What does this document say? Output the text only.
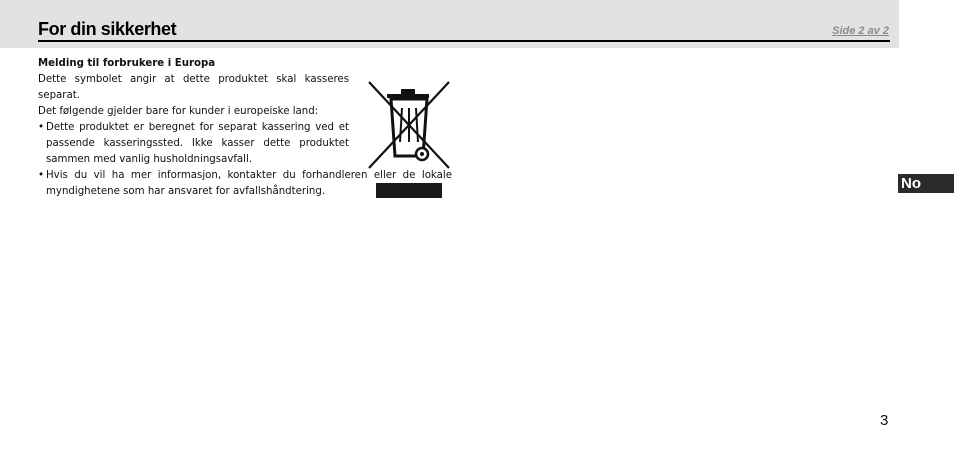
For din sikkerhet	Side 2 av 2

Melding til forbrukere i Europa

Dette symbolet angir at dette produktet skal kasseres separat.

Det følgende gjelder bare for kunder i europeiske land:

• Dette produktet er beregnet for separat kassering ved et passende kasseringssted. Ikke kasser dette produktet sammen med vanlig husholdningsavfall.
• Hvis du vil ha mer informasjon, kontakter du forhandleren eller de lokale myndighetene som har ansvaret for avfallshåndtering.	No
3
